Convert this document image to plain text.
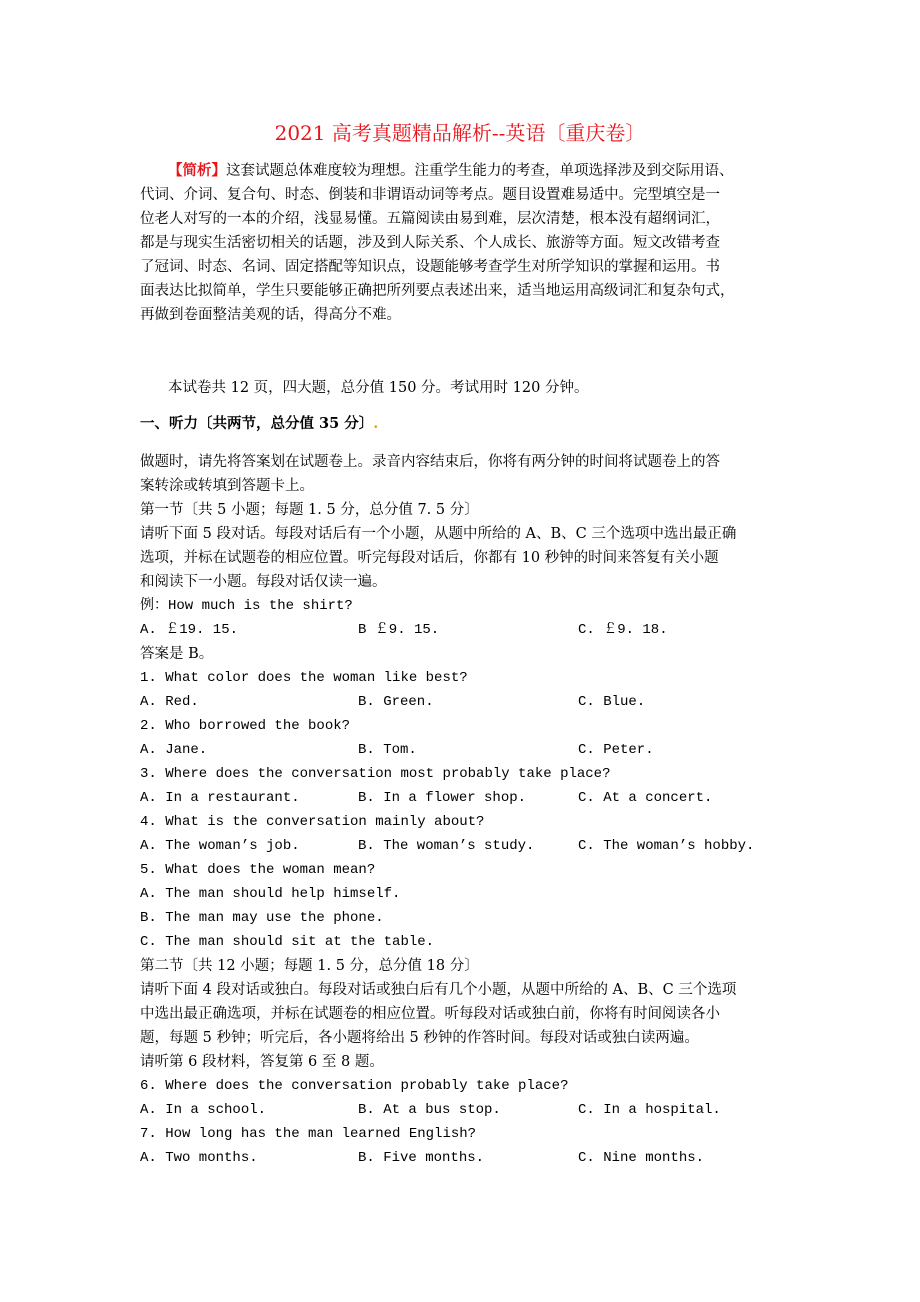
2021 高考真题精品解析--英语〔重庆卷〕
【简析】这套试题总体难度较为理想。注重学生能力的考查，单项选择涉及到交际用语、
代词、介词、复合句、时态、倒装和非谓语动词等考点。题目设置难易适中。完型填空是一
位老人对写的一本的介绍，浅显易懂。五篇阅读由易到难，层次清楚，根本没有超纲词汇，
都是与现实生活密切相关的话题，涉及到人际关系、个人成长、旅游等方面。短文改错考查
了冠词、时态、名词、固定搭配等知识点，设题能够考查学生对所学知识的掌握和运用。书
面表达比拟简单，学生只要能够正确把所列要点表述出来，适当地运用高级词汇和复杂句式，
再做到卷面整洁美观的话，得高分不难。
本试卷共 12 页，四大题，总分值 150 分。考试用时 120 分钟。
一、听力〔共两节，总分值 35 分〕.
做题时，请先将答案划在试题卷上。录音内容结束后，你将有两分钟的时间将试题卷上的答
案转涂或转填到答题卡上。
第一节〔共 5 小题；每题 1. 5 分，总分值 7. 5 分〕
请听下面 5 段对话。每段对话后有一个小题，从题中所给的 A、B、C 三个选项中选出最正确
选项，并标在试题卷的相应位置。听完每段对话后，你都有 10 秒钟的时间来答复有关小题
和阅读下一小题。每段对话仅读一遍。
例：How much is the shirt?
A. ￡19. 15.	B ￡9. 15.	C. ￡9. 18.
答案是 B。
1. What color does the woman like best?
A. Red.	B. Green.	C. Blue.
2. Who borrowed the book?
A. Jane.	B. Tom.	C. Peter.
3. Where does the conversation most probably take place?
A. In a restaurant.	B. In a flower shop.	C. At a concert.
4. What is the conversation mainly about?
A. The woman’s job.	B. The woman’s study.	C. The woman’s hobby.
5. What does the woman mean?
A. The man should help himself.
B. The man may use the phone.
C. The man should sit at the table.
第二节〔共 12 小题；每题 1. 5 分，总分值 18 分〕
请听下面 4 段对话或独白。每段对话或独白后有几个小题，从题中所给的 A、B、C 三个选项
中选出最正确选项，并标在试题卷的相应位置。听每段对话或独白前，你将有时间阅读各小
题，每题 5 秒钟；听完后，各小题将给出 5 秒钟的作答时间。每段对话或独白读两遍。
请听第 6 段材料，答复第 6 至 8 题。
6. Where does the conversation probably take place?
A. In a school.	B. At a bus stop.	C. In a hospital.
7. How long has the man learned English?
A. Two months.	B. Five months.	C. Nine months.
